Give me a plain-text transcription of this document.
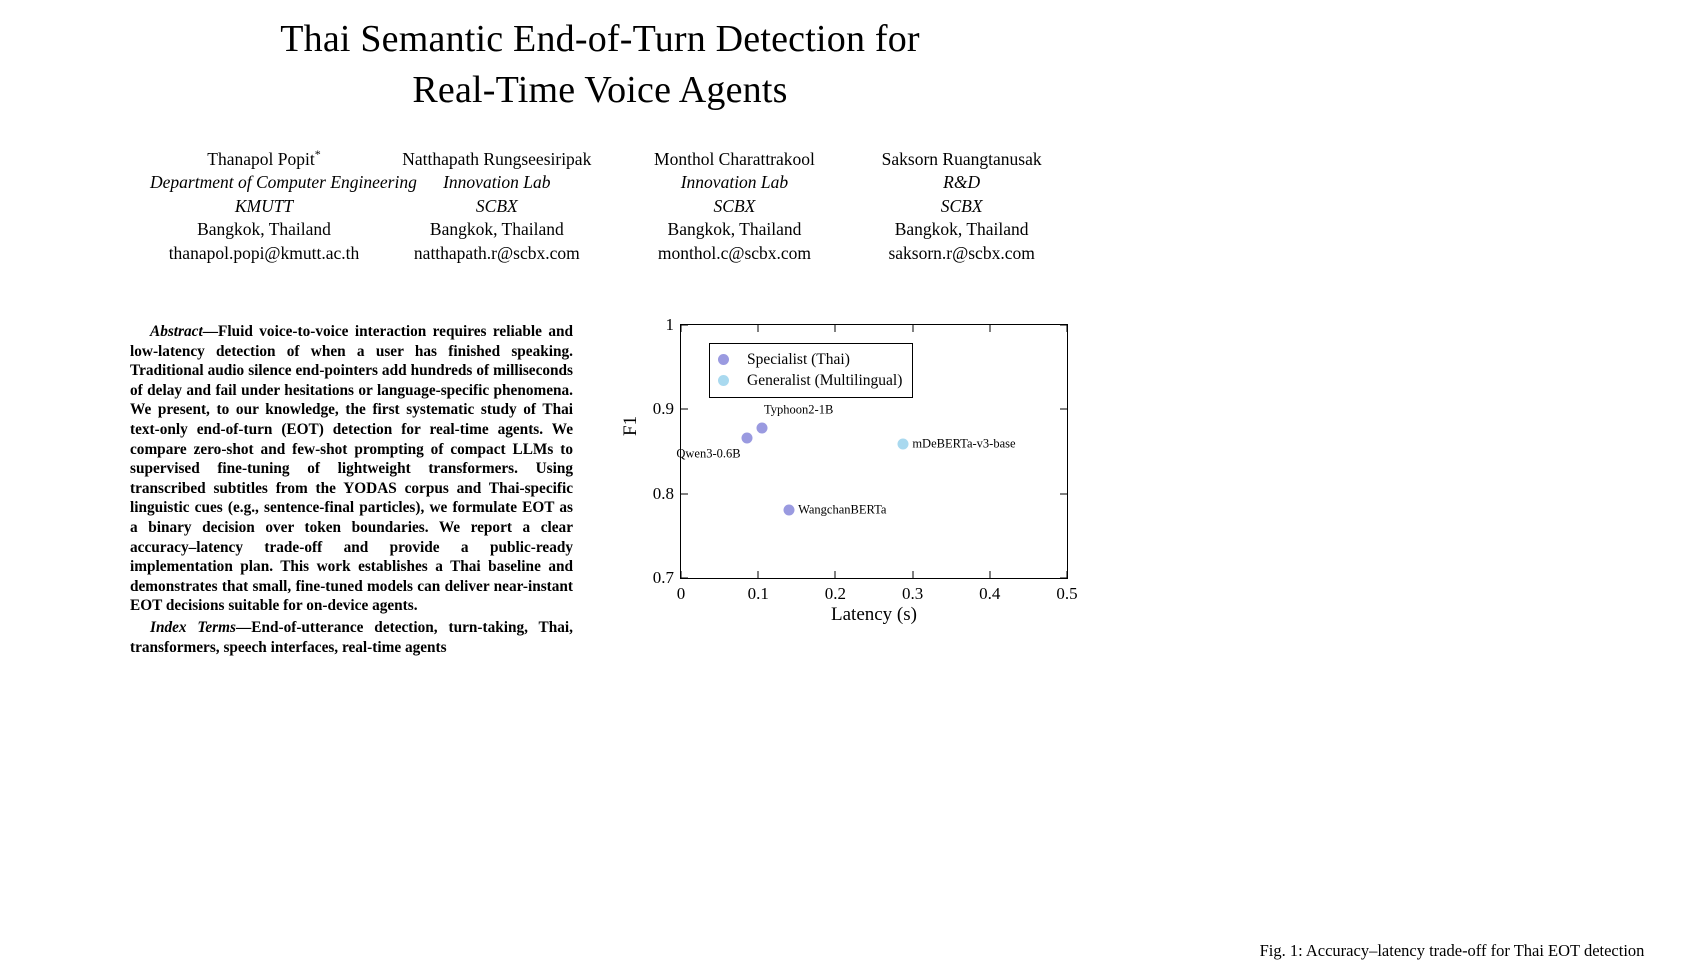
Thai Semantic End-of-Turn Detection for
Real-Time Voice Agents
Thanapol Popit*
Department of Computer Engineering
KMUTT
Bangkok, Thailand
thanapol.popi@kmutt.ac.th
Natthapath Rungseesiripak
Innovation Lab
SCBX
Bangkok, Thailand
natthapath.r@scbx.com
Monthol Charattrakool
Innovation Lab
SCBX
Bangkok, Thailand
monthol.c@scbx.com
Saksorn Ruangtanusak
R&D
SCBX
Bangkok, Thailand
saksorn.r@scbx.com

Abstract—Fluid voice-to-voice interaction requires reliable and low-latency detection of when a user has finished speaking. Traditional audio silence end-pointers add hundreds of milliseconds of delay and fail under hesitations or language-specific phenomena. We present, to our knowledge, the first systematic study of Thai text-only end-of-turn (EOT) detection for real-time agents. We compare zero-shot and few-shot prompting of compact LLMs to supervised fine-tuning of lightweight transformers. Using transcribed subtitles from the YODAS corpus and Thai-specific linguistic cues (e.g., sentence-final particles), we formulate EOT as a binary decision over token boundaries. We report a clear accuracy–latency trade-off and provide a public-ready implementation plan. This work establishes a Thai baseline and demonstrates that small, fine-tuned models can deliver near-instant EOT decisions suitable for on-device agents.

Index Terms—End-of-utterance detection, turn-taking, Thai, transformers, speech interfaces, real-time agents

F1
Latency (s)
Specialist (Thai)
Generalist (Multilingual)
0.7
0.8
0.9
1
0	0.1	0.2	0.3	0.4	0.5
Typhoon2-1B
Qwen3-0.6B
WangchanBERTa
mDeBERTa-v3-base
Fig. 1: Accuracy–latency trade-off for Thai EOT detection
